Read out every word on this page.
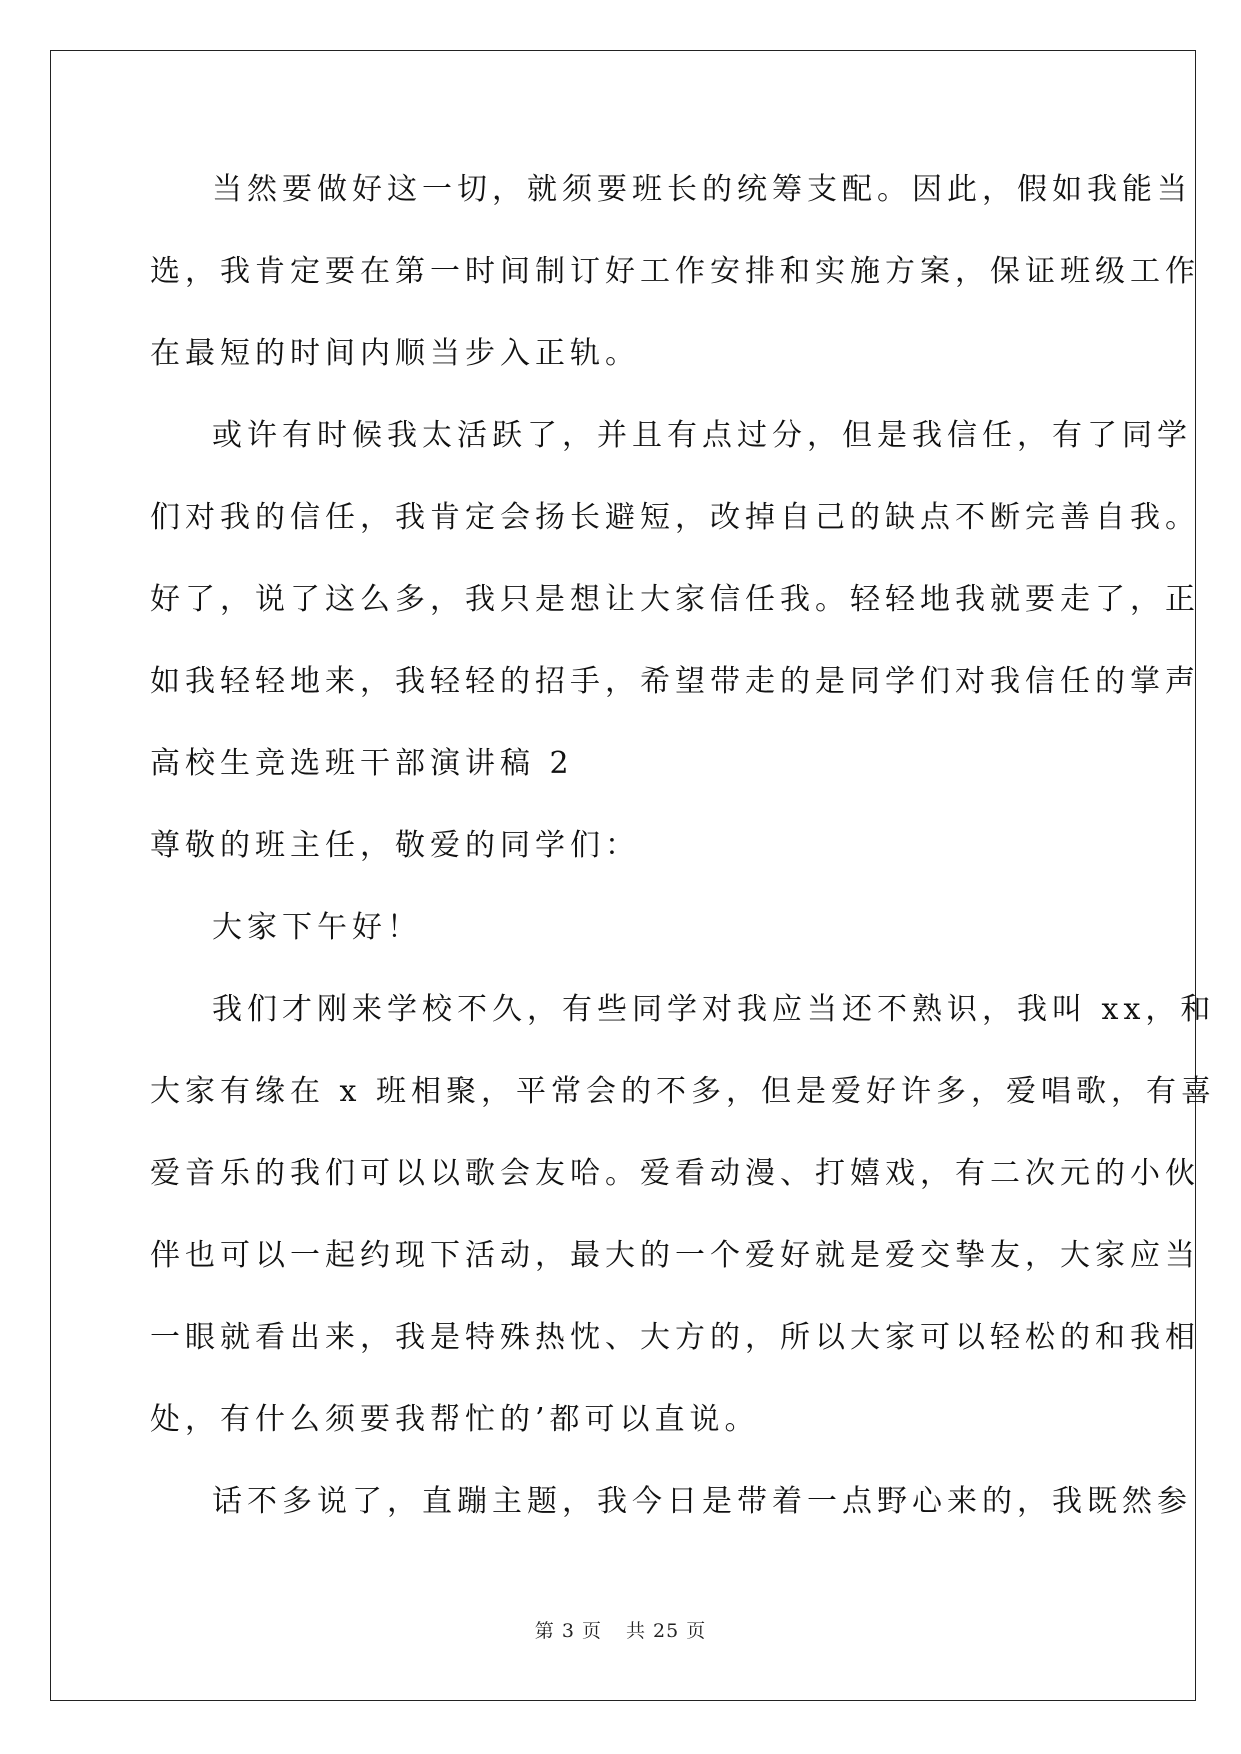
当然要做好这一切，就须要班长的统筹支配。因此，假如我能当
选，我肯定要在第一时间制订好工作安排和实施方案，保证班级工作
在最短的时间内顺当步入正轨。
或许有时候我太活跃了，并且有点过分，但是我信任，有了同学
们对我的信任，我肯定会扬长避短，改掉自己的缺点不断完善自我。
好了，说了这么多，我只是想让大家信任我。轻轻地我就要走了，正
如我轻轻地来，我轻轻的招手，希望带走的是同学们对我信任的掌声
高校生竞选班干部演讲稿 2
尊敬的班主任，敬爱的同学们：
大家下午好！
我们才刚来学校不久，有些同学对我应当还不熟识，我叫 xx，和
大家有缘在 x 班相聚，平常会的不多，但是爱好许多，爱唱歌，有喜
爱音乐的我们可以以歌会友哈。爱看动漫、打嬉戏，有二次元的小伙
伴也可以一起约现下活动，最大的一个爱好就是爱交挚友，大家应当
一眼就看出来，我是特殊热忱、大方的，所以大家可以轻松的和我相
处，有什么须要我帮忙的’都可以直说。
话不多说了，直蹦主题，我今日是带着一点野心来的，我既然参
第 3 页 共 25 页
